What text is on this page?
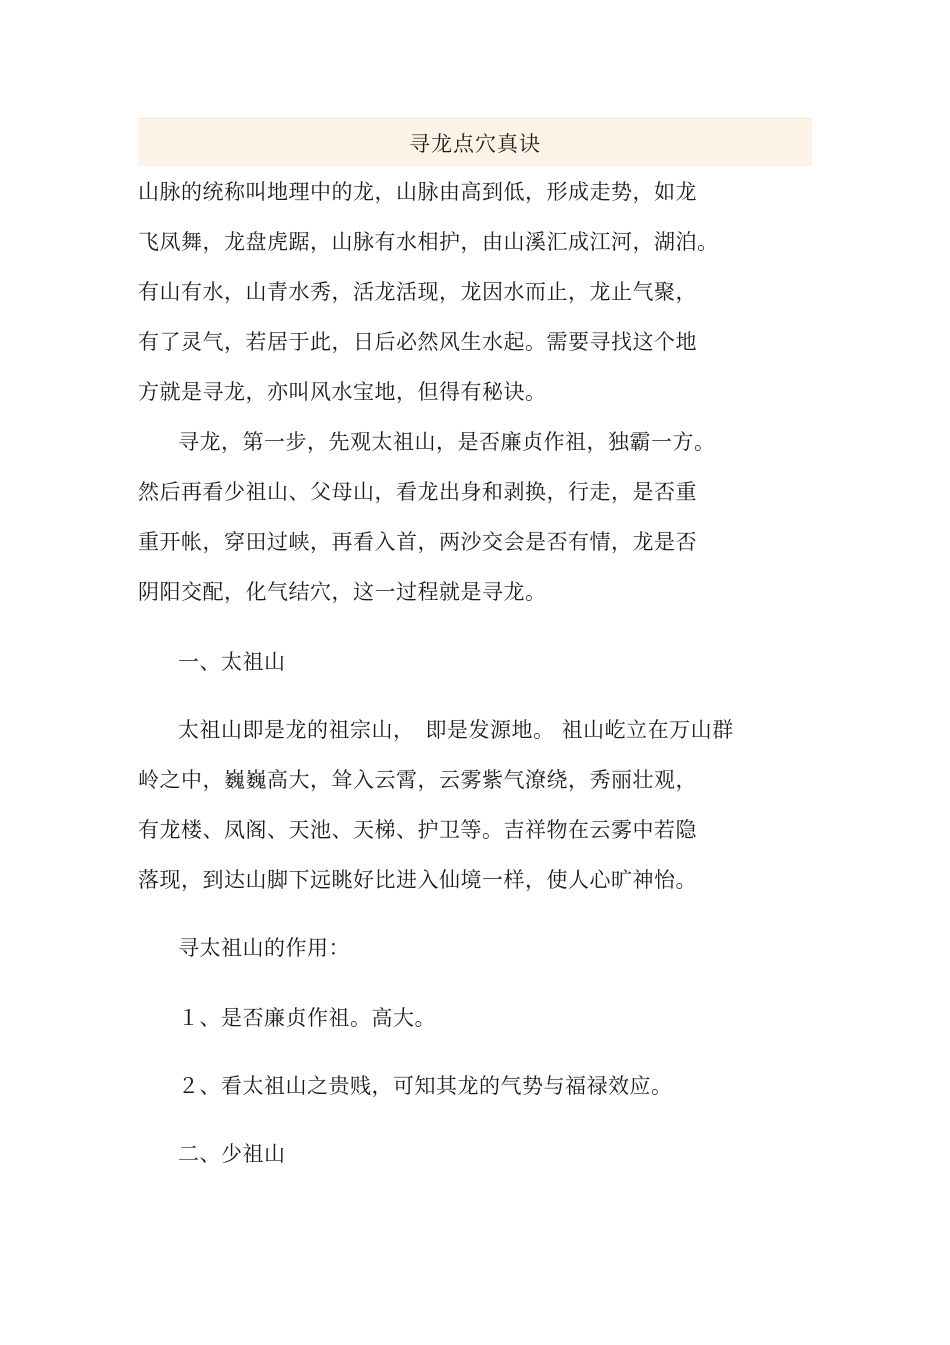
寻龙点穴真诀
山脉的统称叫地理中的龙，山脉由高到低，形成走势，如龙
飞凤舞，龙盘虎踞，山脉有水相护，由山溪汇成江河，湖泊。
有山有水，山青水秀，活龙活现，龙因水而止，龙止气聚，
有了灵气，若居于此，日后必然风生水起。需要寻找这个地
方就是寻龙，亦叫风水宝地，但得有秘诀。
寻龙，第一步，先观太祖山，是否廉贞作祖，独霸一方。
然后再看少祖山、父母山，看龙出身和剥换，行走，是否重
重开帐，穿田过峡，再看入首，两沙交会是否有情，龙是否
阴阳交配，化气结穴，这一过程就是寻龙。
一、太祖山
太祖山即是龙的祖宗山，　即是发源地。 祖山屹立在万山群
岭之中，巍巍高大，耸入云霄，云雾紫气潦绕，秀丽壮观，
有龙楼、凤阁、天池、天梯、护卫等。吉祥物在云雾中若隐
落现，到达山脚下远眺好比进入仙境一样，使人心旷神怡。
寻太祖山的作用：
１、是否廉贞作祖。高大。
２、看太祖山之贵贱，可知其龙的气势与福禄效应。
二、少祖山
